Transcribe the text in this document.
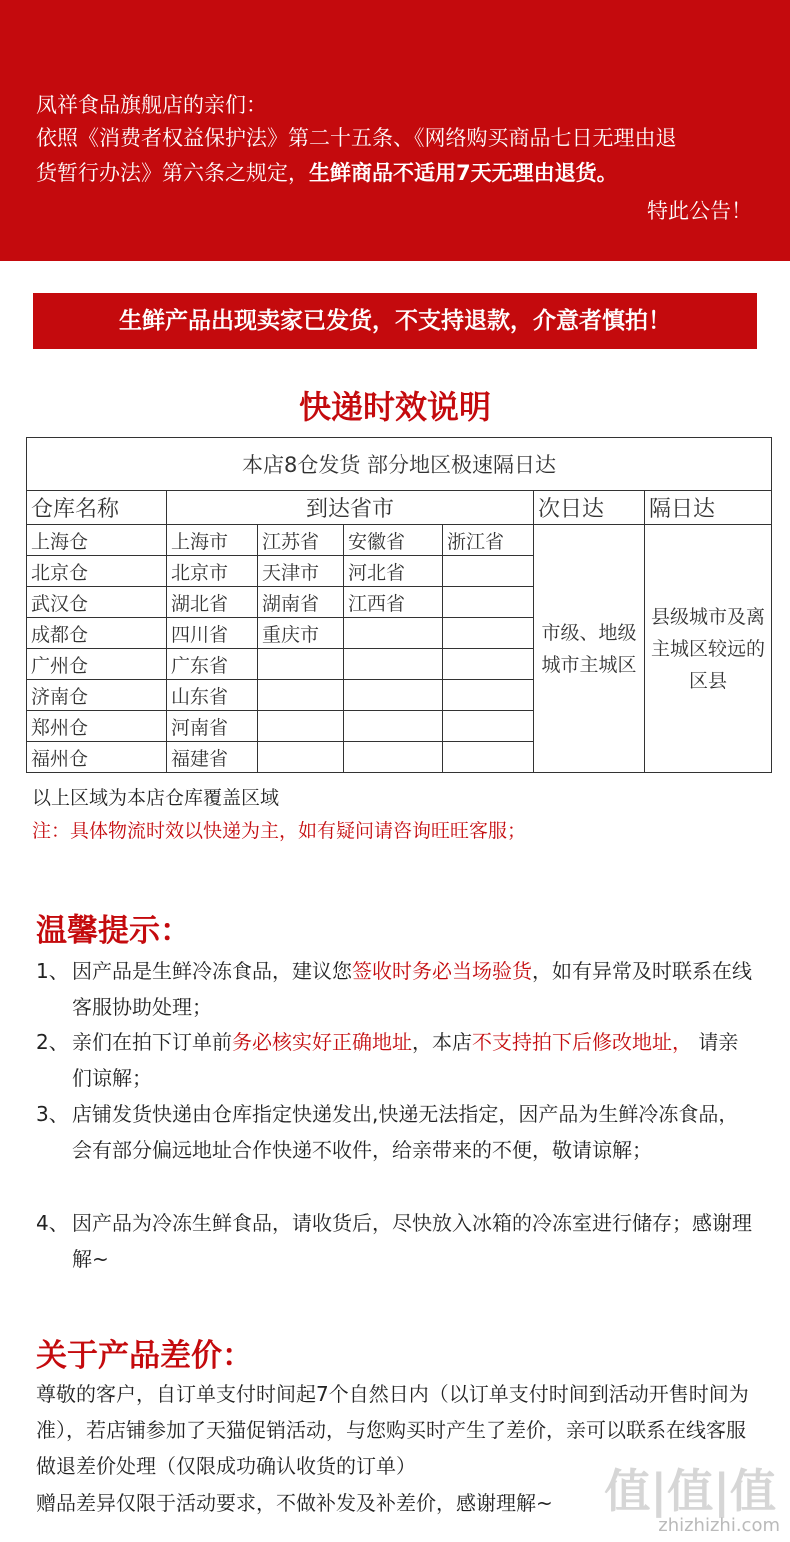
凤祥食品旗舰店的亲们：

依照《消费者权益保护法》第二十五条、《网络购买商品七日无理由退

货暂行办法》第六条之规定，生鲜商品不适用7天无理由退货。

特此公告！

生鲜产品出现卖家已发货，不支持退款，介意者慎拍！
快递时效说明
本店8仓发货 部分地区极速隔日达						
仓库名称	到达省市				次日达	隔日达
上海仓	上海市	江苏省	安徽省	浙江省	市级、地级城市主城区	县级城市及离主城区较远的区县
北京仓	北京市	天津市	河北省			
武汉仓	湖北省	湖南省	江西省			
成都仓	四川省	重庆市				
广州仓	广东省					
济南仓	山东省					
郑州仓	河南省					
福州仓	福建省					
以上区域为本店仓库覆盖区域
注：具体物流时效以快递为主，如有疑问请咨询旺旺客服；
温馨提示：
1、 因产品是生鲜冷冻食品，建议您签收时务必当场验货，如有异常及时联系在线客服协助处理；
2、 亲们在拍下订单前务必核实好正确地址，本店不支持拍下后修改地址， 请亲们谅解；
3、 店铺发货快递由仓库指定快递发出,快递无法指定，因产品为生鲜冷冻食品，会有部分偏远地址合作快递不收件，给亲带来的不便，敬请谅解；
4、 因产品为冷冻生鲜食品，请收货后，尽快放入冰箱的冷冻室进行储存；感谢理解~
关于产品差价：
尊敬的客户，自订单支付时间起7个自然日内（以订单支付时间到活动开售时间为准），若店铺参加了天猫促销活动，与您购买时产生了差价，亲可以联系在线客服做退差价处理（仅限成功确认收货的订单）
赠品差异仅限于活动要求，不做补发及补差价，感谢理解~	值|值|值
zhizhizhi.com
